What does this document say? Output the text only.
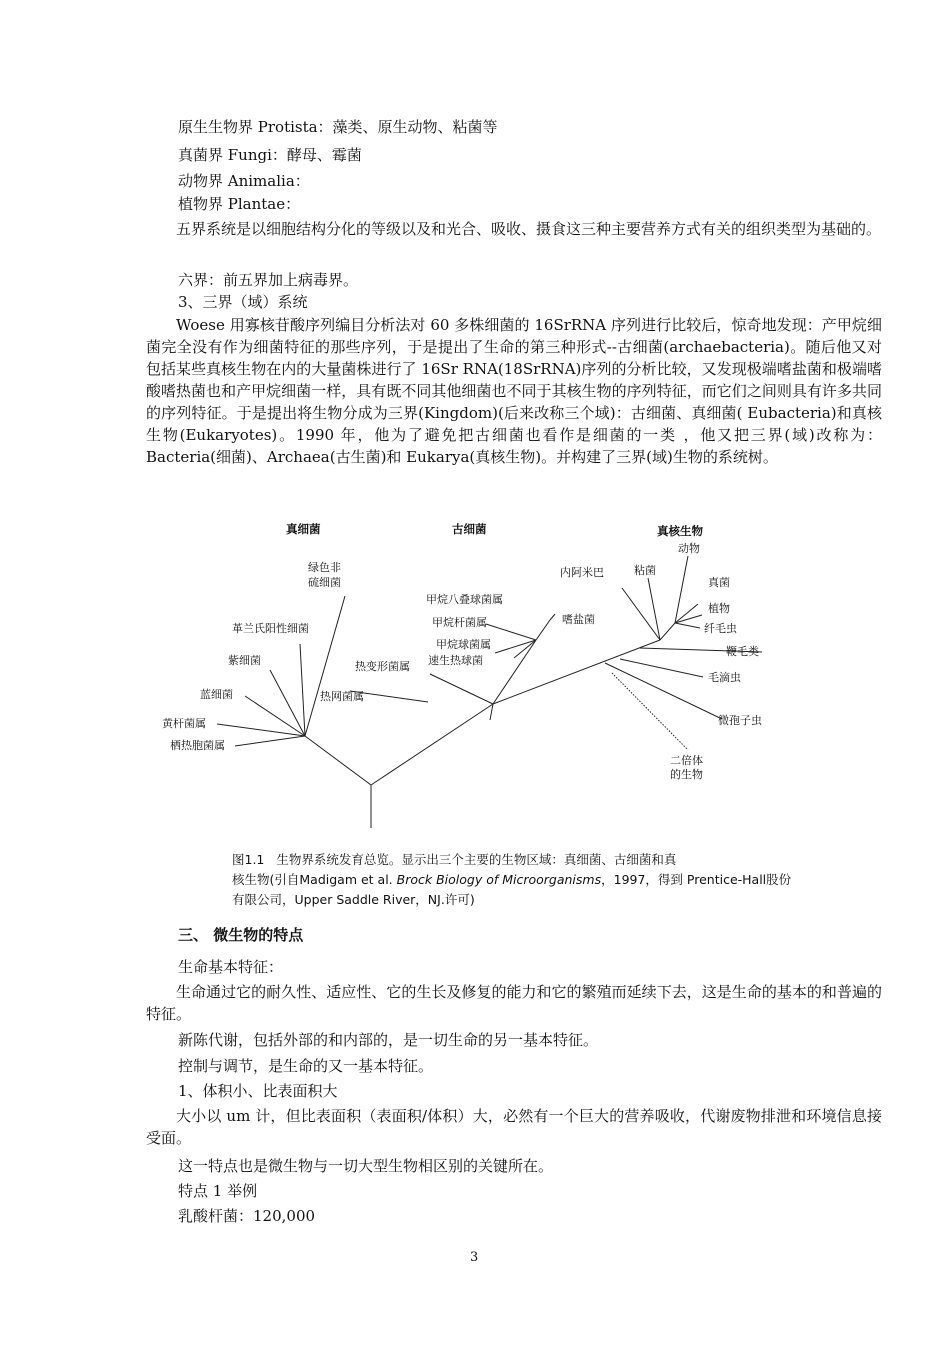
原生生物界 Protista：藻类、原生动物、粘菌等
真菌界 Fungi：酵母、霉菌
动物界 Animalia：
植物界 Plantae：
五界系统是以细胞结构分化的等级以及和光合、吸收、摄食这三种主要营养方式有关的组织类型为基础的。
六界：前五界加上病毒界。
3、三界（域）系统
Woese 用寡核苷酸序列编目分析法对 60 多株细菌的 16SrRNA 序列进行比较后，惊奇地发现：产甲烷细菌完全没有作为细菌特征的那些序列，于是提出了生命的第三种形式--古细菌(archaebacteria)。随后他又对包括某些真核生物在内的大量菌株进行了 16Sr RNA(18SrRNA)序列的分析比较，又发现极端嗜盐菌和极端嗜酸嗜热菌也和产甲烷细菌一样，具有既不同其他细菌也不同于其核生物的序列特征，而它们之间则具有许多共同的序列特征。于是提出将生物分成为三界(Kingdom)(后来改称三个域)：古细菌、真细菌( Eubacteria)和真核生物(Eukaryotes)。1990 年，他为了避免把古细菌也看作是细菌的一类 ，他又把三界(域)改称为：Bacteria(细菌)、Archaea(古生菌)和 Eukarya(真核生物)。并构建了三界(域)生物的系统树。
真细菌	古细菌	真核生物
绿色非
硫细菌
革兰氏阳性细菌
紫细菌
蓝细菌
黄杆菌属
栖热胞菌属
甲烷八叠球菌属
嗜盐菌
甲烷杆菌属
甲烷球菌属
速生热球菌
热变形菌属
热网菌属
动物
内阿米巴	粘菌
真菌
植物
纤毛虫
鞭毛类
毛滴虫
微孢子虫
二倍体
的生物
图1.1 生物界系统发育总览。显示出三个主要的生物区域：真细菌、古细菌和真
核生物(引自Madigam et al. Brock Biology of Microorganisms，1997，得到 Prentice-Hall股份
有限公司，Upper Saddle River，NJ.许可)
三、 微生物的特点
生命基本特征：
生命通过它的耐久性、适应性、它的生长及修复的能力和它的繁殖而延续下去，这是生命的基本的和普遍的特征。
新陈代谢，包括外部的和内部的，是一切生命的另一基本特征。
控制与调节，是生命的又一基本特征。
1、体积小、比表面积大
大小以 um 计，但比表面积（表面积/体积）大，必然有一个巨大的营养吸收，代谢废物排泄和环境信息接受面。
这一特点也是微生物与一切大型生物相区别的关键所在。
特点 1 举例
乳酸杆菌：120,000
3
